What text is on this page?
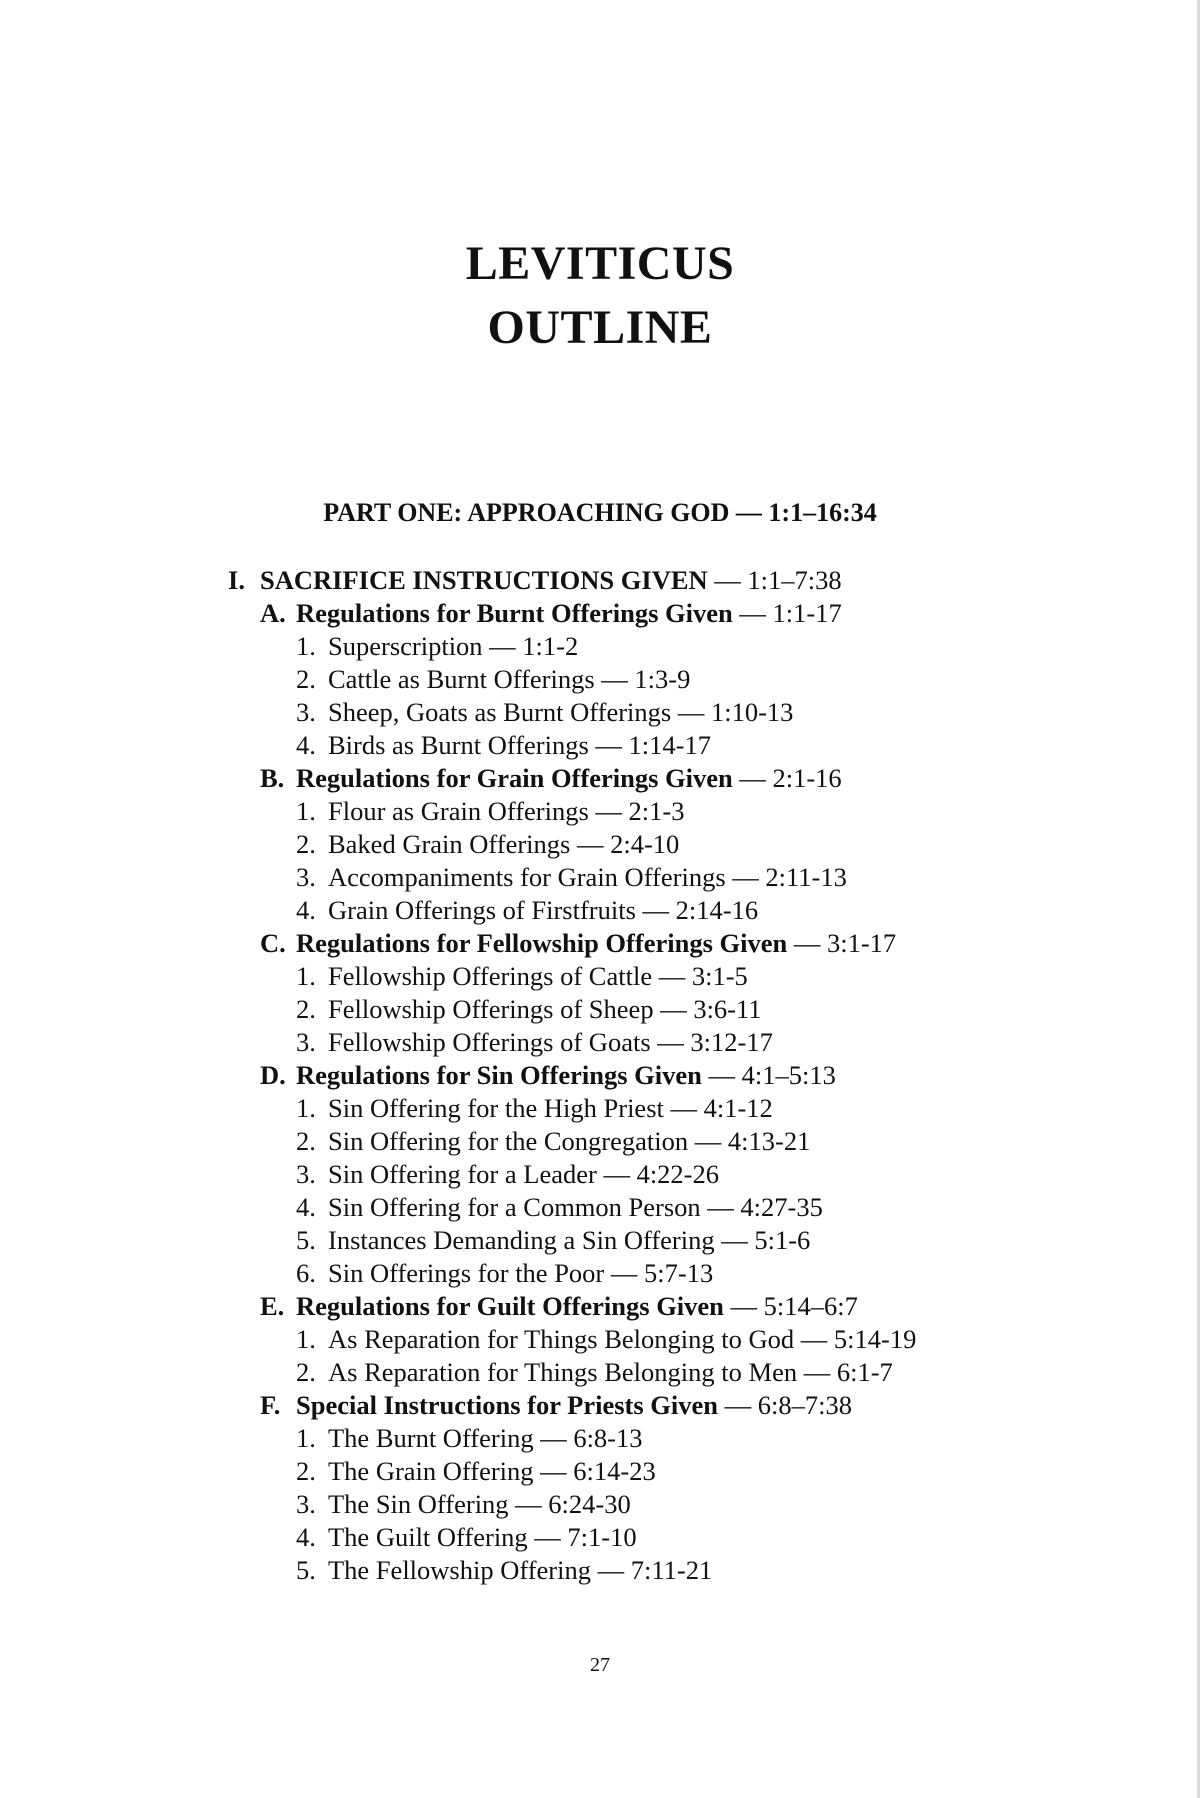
LEVITICUS
OUTLINE
PART ONE: APPROACHING GOD — 1:1–16:34
I. SACRIFICE INSTRUCTIONS GIVEN — 1:1–7:38
A. Regulations for Burnt Offerings Given — 1:1-17
1. Superscription — 1:1-2
2. Cattle as Burnt Offerings — 1:3-9
3. Sheep, Goats as Burnt Offerings — 1:10-13
4. Birds as Burnt Offerings — 1:14-17
B. Regulations for Grain Offerings Given — 2:1-16
1. Flour as Grain Offerings — 2:1-3
2. Baked Grain Offerings — 2:4-10
3. Accompaniments for Grain Offerings — 2:11-13
4. Grain Offerings of Firstfruits — 2:14-16
C. Regulations for Fellowship Offerings Given — 3:1-17
1. Fellowship Offerings of Cattle — 3:1-5
2. Fellowship Offerings of Sheep — 3:6-11
3. Fellowship Offerings of Goats — 3:12-17
D. Regulations for Sin Offerings Given — 4:1–5:13
1. Sin Offering for the High Priest — 4:1-12
2. Sin Offering for the Congregation — 4:13-21
3. Sin Offering for a Leader — 4:22-26
4. Sin Offering for a Common Person — 4:27-35
5. Instances Demanding a Sin Offering — 5:1-6
6. Sin Offerings for the Poor — 5:7-13
E. Regulations for Guilt Offerings Given — 5:14–6:7
1. As Reparation for Things Belonging to God — 5:14-19
2. As Reparation for Things Belonging to Men — 6:1-7
F. Special Instructions for Priests Given — 6:8–7:38
1. The Burnt Offering — 6:8-13
2. The Grain Offering — 6:14-23
3. The Sin Offering — 6:24-30
4. The Guilt Offering — 7:1-10
5. The Fellowship Offering — 7:11-21
27
